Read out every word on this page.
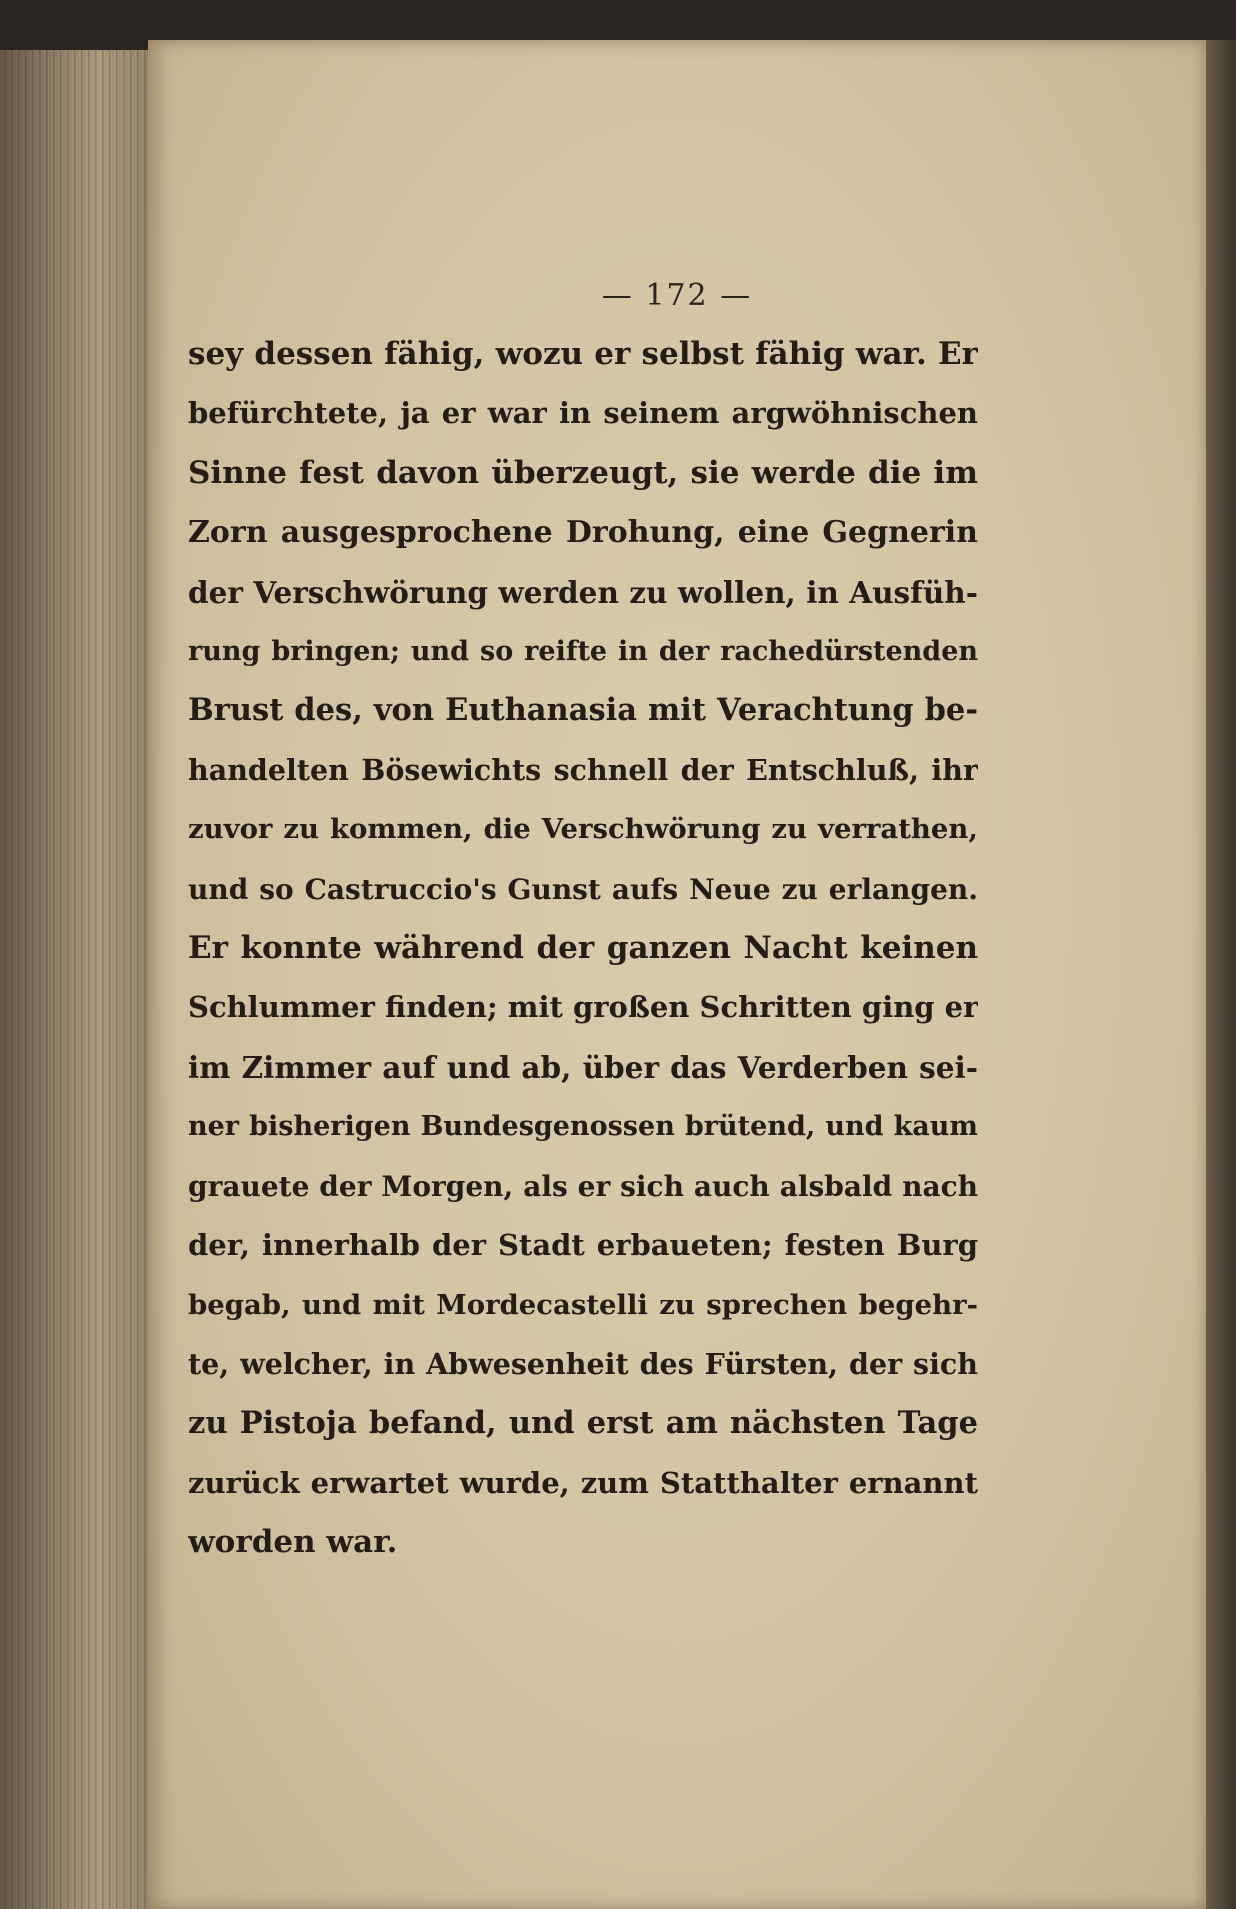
— 172 —
sey dessen fähig, wozu er selbst fähig war. Er
befürchtete, ja er war in seinem argwöhnischen
Sinne fest davon überzeugt, sie werde die im
Zorn ausgesprochene Drohung, eine Gegnerin
der Verschwörung werden zu wollen, in Ausfüh-
rung bringen; und so reifte in der rachedürstenden
Brust des, von Euthanasia mit Verachtung be-
handelten Bösewichts schnell der Entschluß, ihr
zuvor zu kommen, die Verschwörung zu verrathen,
und so Castruccio's Gunst aufs Neue zu erlangen.
Er konnte während der ganzen Nacht keinen
Schlummer finden; mit großen Schritten ging er
im Zimmer auf und ab, über das Verderben sei-
ner bisherigen Bundesgenossen brütend, und kaum
grauete der Morgen, als er sich auch alsbald nach
der, innerhalb der Stadt erbaueten; festen Burg
begab, und mit Mordecastelli zu sprechen begehr-
te, welcher, in Abwesenheit des Fürsten, der sich
zu Pistoja befand, und erst am nächsten Tage
zurück erwartet wurde, zum Statthalter ernannt
worden war.
